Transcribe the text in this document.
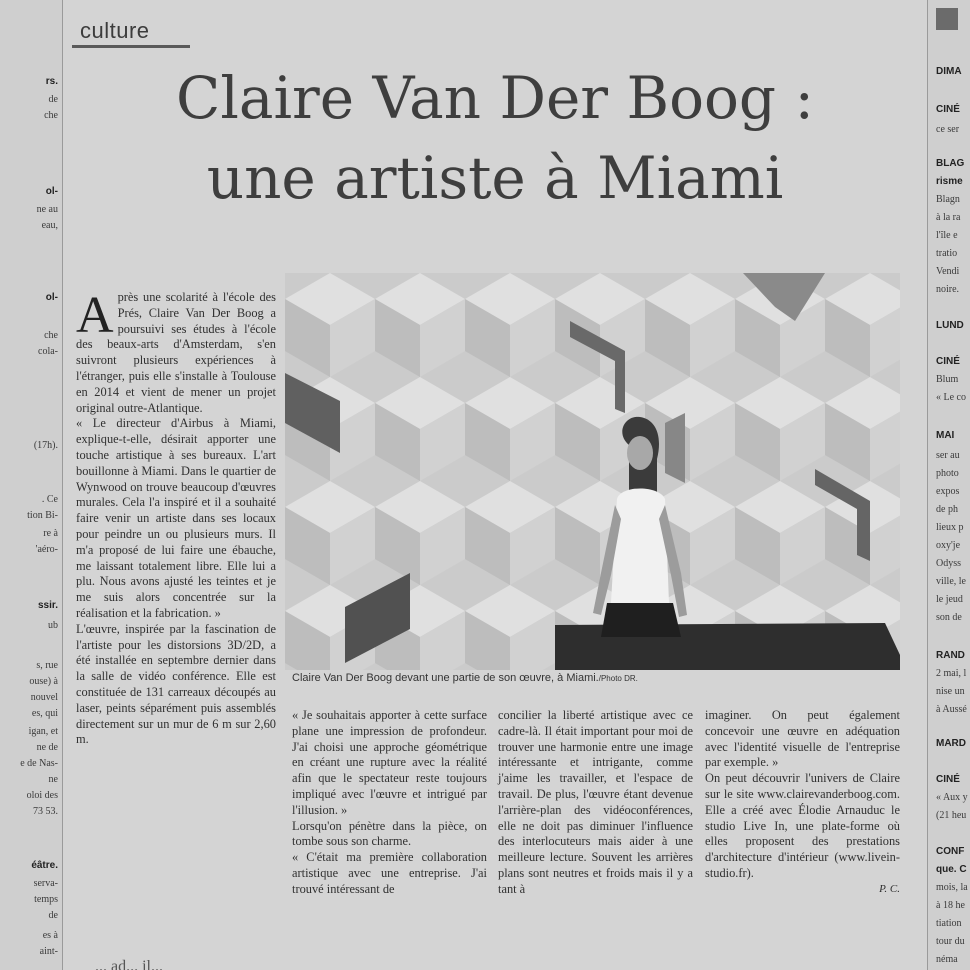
rs.
de
che
ol-
ne au
eau,
ol-
che
cola-
(17h).
. Ce
tion Bi-
re à
'aéro-
ssir.
ub
s, rue
ouse) à
nouvel
es, qui
igan, et
ne de
e de Nas-
ne
oloi des
73 53.
éâtre.
serva-
temps
de
es à
aint-
DIMA
CINÉ
ce ser
BLAG
risme
Blagn
à la ra
l'île e
tratio
Vendi
noire.
LUND
CINÉ
Blum
« Le co
MAI
ser au
photo
expos
de ph
lieux p
oxy'je
Odyss
ville, le
le jeud
son de
RAND
2 mai, l
nise un
à Aussé
MARD
CINÉ
« Aux y
(21 heu
CONF
que. C
mois, la
à 18 he
tiation
tour du
néma
culture
Claire Van Der Boog :
une artiste à Miami

Après une scolarité à l'école des Prés, Claire Van Der Boog a poursuivi ses études à l'école des beaux-arts d'Amsterdam, s'en suivront plusieurs expériences à l'étranger, puis elle s'installe à Toulouse en 2014 et vient de mener un projet original outre-Atlantique.

« Le directeur d'Airbus à Miami, explique-t-elle, désirait apporter une touche artistique à ses bureaux. L'art bouillonne à Miami. Dans le quartier de Wynwood on trouve beaucoup d'œuvres murales. Cela l'a inspiré et il a souhaité faire venir un artiste dans ses locaux pour peindre un ou plusieurs murs. Il m'a proposé de lui faire une ébauche, me laissant totalement libre. Elle lui a plu. Nous avons ajusté les teintes et je me suis alors concentrée sur la réalisation et la fabrication. »

L'œuvre, inspirée par la fascination de l'artiste pour les distorsions 3D/2D, a été installée en septembre dernier dans la salle de vidéo conférence. Elle est constituée de 131 carreaux découpés au laser, peints séparément puis assemblés directement sur un mur de 6 m sur 2,60 m.

Claire Van Der Boog devant une partie de son œuvre, à Miami./Photo DR.

« Je souhaitais apporter à cette surface plane une impression de profondeur. J'ai choisi une approche géométrique en créant une rupture avec la réalité afin que le spectateur reste toujours impliqué avec l'œuvre et intrigué par l'illusion. »

Lorsqu'on pénètre dans la pièce, on tombe sous son charme.

« C'était ma première collaboration artistique avec une entreprise. J'ai trouvé intéressant de

concilier la liberté artistique avec ce cadre-là. Il était important pour moi de trouver une harmonie entre une image intéressante et intrigante, comme j'aime les travailler, et l'espace de travail. De plus, l'œuvre étant devenue l'arrière-plan des vidéoconférences, elle ne doit pas diminuer l'influence des interlocuteurs mais aider à une meilleure lecture. Souvent les arrières plans sont neutres et froids mais il y a tant à

imaginer. On peut également concevoir une œuvre en adéquation avec l'identité visuelle de l'entreprise par exemple. »

On peut découvrir l'univers de Claire sur le site www.clairevanderboog.com. Elle a créé avec Élodie Arnauduc le studio Live In, une plate-forme où elles proposent des prestations d'architecture d'intérieur (www.livein-studio.fr).

P. C.

... ad... il...
